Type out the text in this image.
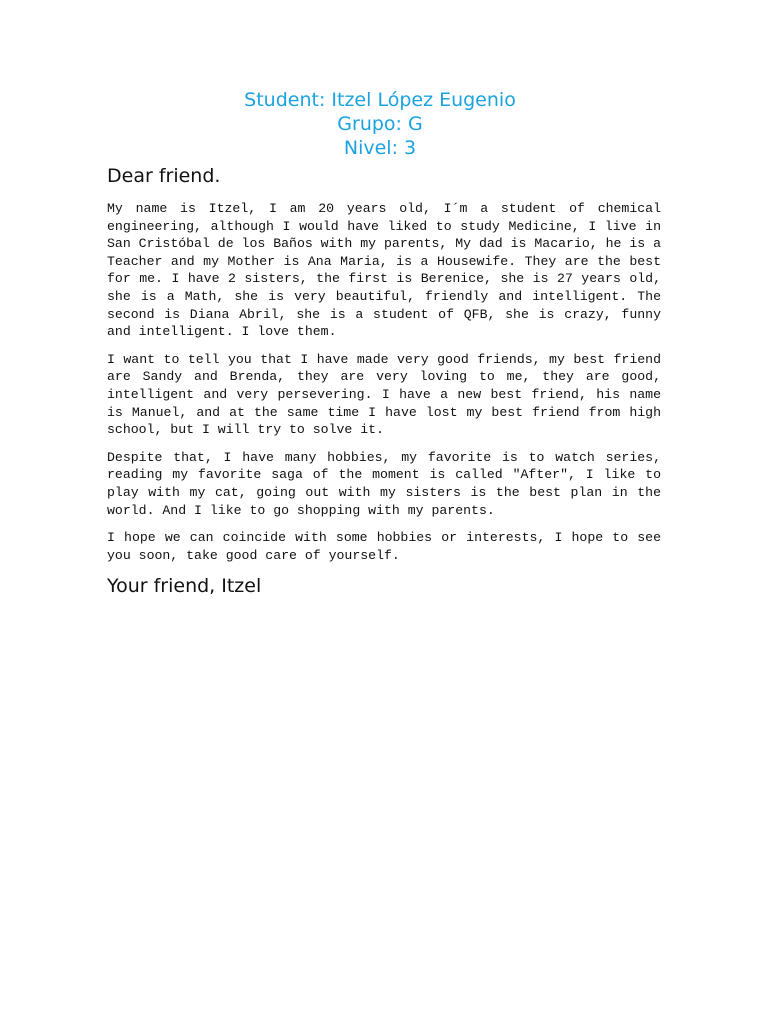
Student: Itzel López Eugenio
Grupo: G
Nivel: 3
Dear friend.

My name is Itzel, I am 20 years old, I´m a student of chemical engineering, although I would have liked to study Medicine, I live in San Cristóbal de los Baños with my parents, My dad is Macario, he is a Teacher and my Mother is Ana Maria, is a Housewife. They are the best for me. I have 2 sisters, the first is Berenice, she is 27 years old, she is a Math, she is very beautiful, friendly and intelligent. The second is Diana Abril, she is a student of QFB, she is crazy, funny and intelligent. I love them.

I want to tell you that I have made very good friends, my best friend are Sandy and Brenda, they are very loving to me, they are good, intelligent and very persevering. I have a new best friend, his name is Manuel, and at the same time I have lost my best friend from high school, but I will try to solve it.

Despite that, I have many hobbies, my favorite is to watch series, reading my favorite saga of the moment is called "After", I like to play with my cat, going out with my sisters is the best plan in the world. And I like to go shopping with my parents.

I hope we can coincide with some hobbies or interests, I hope to see you soon, take good care of yourself.

Your friend, Itzel
